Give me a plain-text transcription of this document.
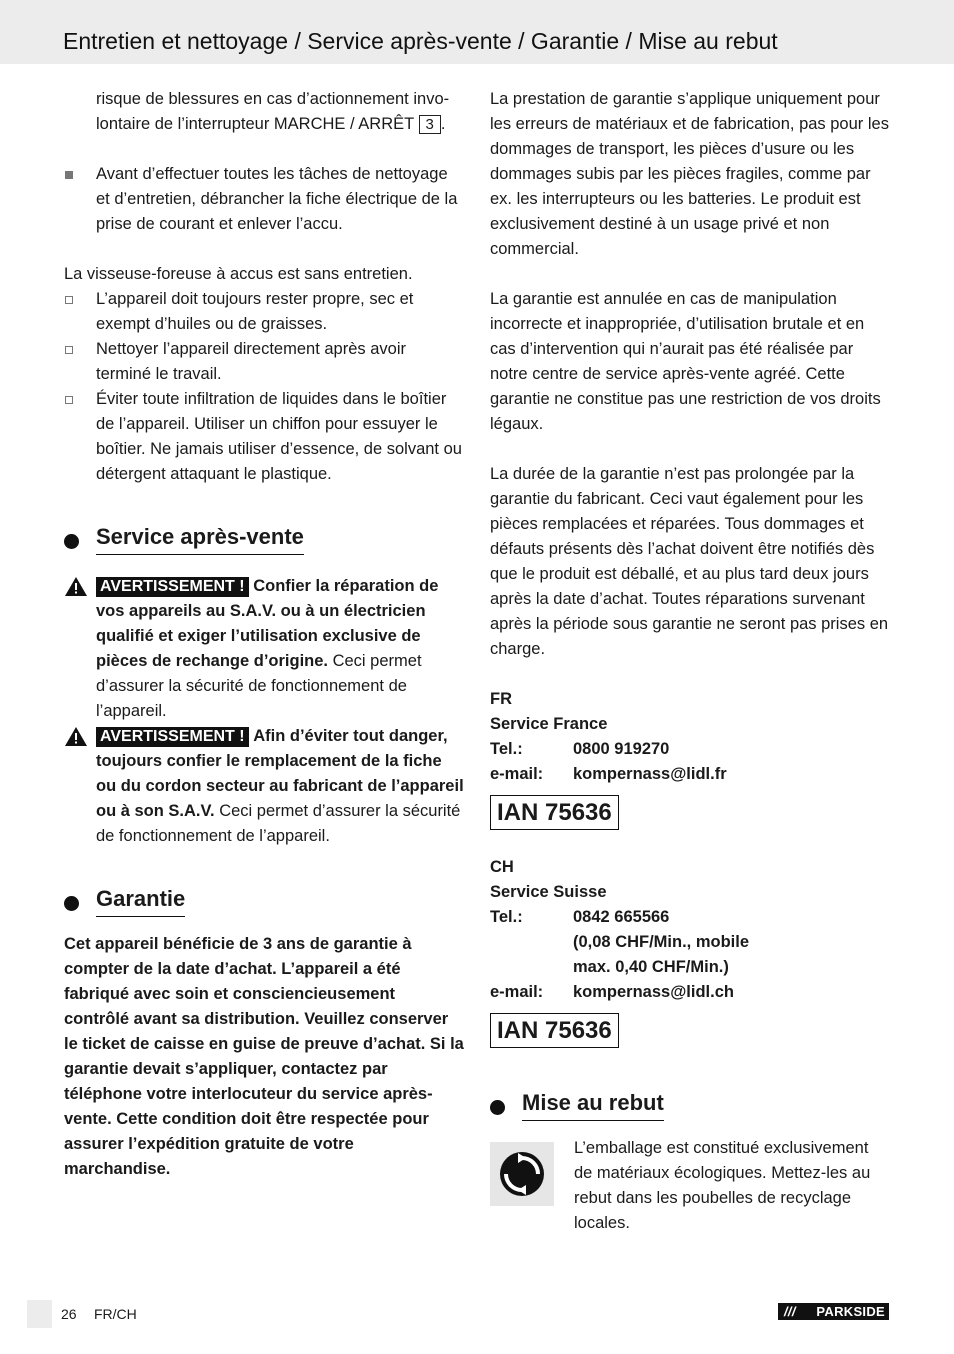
Entretien et nettoyage / Service après-vente / Garantie / Mise au rebut

risque de blessures en cas d’actionnement invo-lontaire de l’interrupteur MARCHE / ARRÊT 3 .

Avant d’effectuer toutes les tâches de nettoyage et d’entretien, débrancher la fiche électrique de la prise de courant et enlever l’accu.

La visseuse-foreuse à accus est sans entretien.

L’appareil doit toujours rester propre, sec et exempt d’huiles ou de graisses.

Nettoyer l’appareil directement après avoir terminé le travail.

Éviter toute infiltration de liquides dans le boîtier de l’appareil. Utiliser un chiffon pour essuyer le boîtier. Ne jamais utiliser d’essence, de solvant ou détergent attaquant le plastique.

Service après-vente

AVERTISSEMENT ! Confier la réparation de vos appareils au S.A.V. ou à un électricien qualifié et exiger l’utilisation exclusive de pièces de rechange d’origine. Ceci permet d’assurer la sécurité de fonctionnement de l’appareil.

AVERTISSEMENT ! Afin d’éviter tout danger, toujours confier le remplacement de la fiche ou du cordon secteur au fabricant de l’appareil ou à son S.A.V. Ceci permet d’assurer la sécurité de fonctionnement de l’appareil.

Garantie

Cet appareil bénéficie de 3 ans de garantie à compter de la date d’achat. L’appareil a été fabriqué avec soin et consciencieusement contrôlé avant sa distribution. Veuillez conserver le ticket de caisse en guise de preuve d’achat. Si la garantie devait s’appliquer, contactez par téléphone votre interlocuteur du service après-vente. Cette condition doit être respectée pour assurer l’expédition gratuite de votre marchandise.

La prestation de garantie s’applique uniquement pour les erreurs de matériaux et de fabrication, pas pour les dommages de transport, les pièces d’usure ou les dommages subis par les pièces fragiles, comme par ex. les interrupteurs ou les batteries. Le produit est exclusivement destiné à un usage privé et non commercial.

La garantie est annulée en cas de manipulation incorrecte et inappropriée, d’utilisation brutale et en cas d’intervention qui n’aurait pas été réalisée par notre centre de service après-vente agréé. Cette garantie ne constitue pas une restriction de vos droits légaux.

La durée de la garantie n’est pas prolongée par la garantie du fabricant. Ceci vaut également pour les pièces remplacées et réparées. Tous dommages et défauts présents dès l’achat doivent être notifiés dès que le produit est déballé, et au plus tard deux jours après la date d’achat. Toutes réparations survenant après la période sous garantie ne seront pas prises en charge.

FR

Service France

Tel.:	0800 919270
e-mail:	kompernass@lidl.fr
IAN 75636

CH

Service Suisse

Tel.:	0842 665566
(0,08 CHF/Min., mobile
max. 0,40 CHF/Min.)
e-mail:	kompernass@lidl.ch
IAN 75636
Mise au rebut

L’emballage est constitué exclusivement de matériaux écologiques. Mettez-les au rebut dans les poubelles de recyclage locales.

26 FR/CH	/// PARKSIDE
